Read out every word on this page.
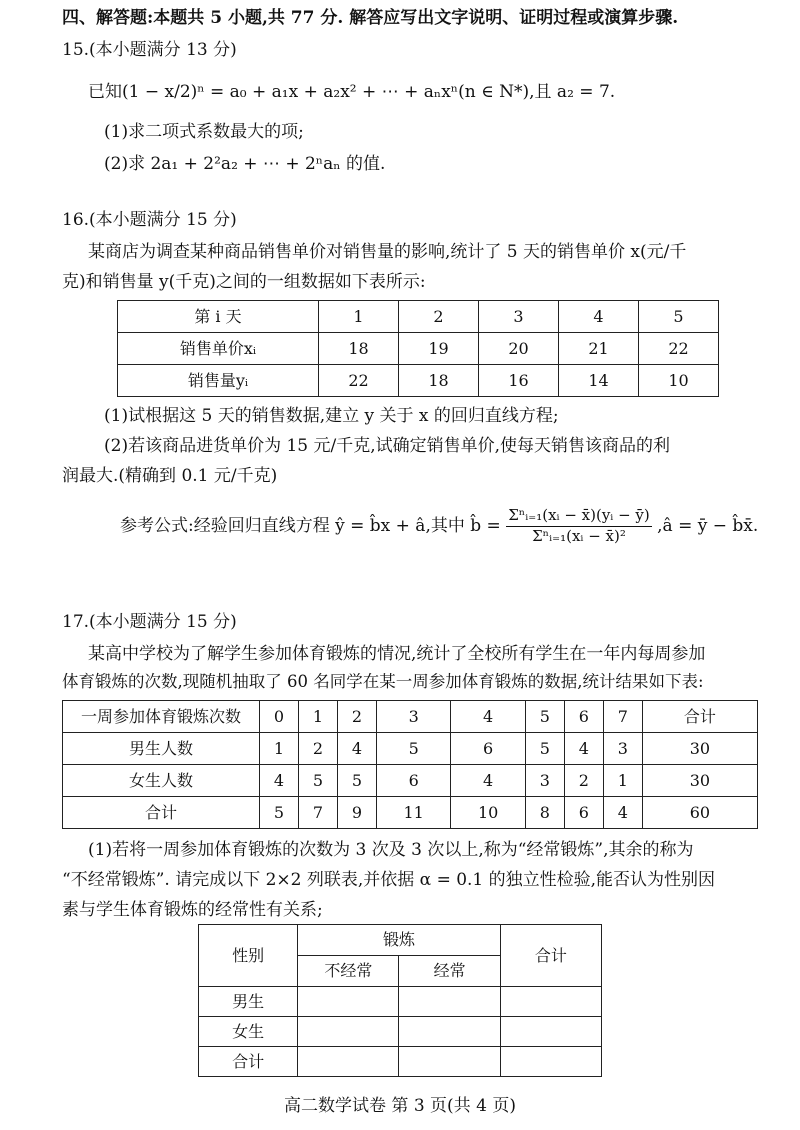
四、解答题:本题共 5 小题,共 77 分. 解答应写出文字说明、证明过程或演算步骤.
15.(本小题满分 13 分)
已知(1 − x/2)ⁿ = a₀ + a₁x + a₂x² + ⋯ + aₙxⁿ(n ∈ N*),且 a₂ = 7.
(1)求二项式系数最大的项;
(2)求 2a₁ + 2²a₂ + ⋯ + 2ⁿaₙ 的值.
16.(本小题满分 15 分)
某商店为调查某种商品销售单价对销售量的影响,统计了 5 天的销售单价 x(元/千
克)和销售量 y(千克)之间的一组数据如下表所示:
第 i 天	1	2	3	4	5
销售单价xᵢ	18	19	20	21	22
销售量yᵢ	22	18	16	14	10
(1)试根据这 5 天的销售数据,建立 y 关于 x 的回归直线方程;
(2)若该商品进货单价为 15 元/千克,试确定销售单价,使每天销售该商品的利
润最大.(精确到 0.1 元/千克)
参考公式:经验回归直线方程 ŷ = b̂x + â,其中 b̂ = $\frac{\text{Σⁿᵢ₌₁(xᵢ − x̄)(yᵢ − ȳ)}}{\text{Σⁿᵢ₌₁(xᵢ − x̄)²}}$ ,â = ȳ − b̂x̄.
17.(本小题满分 15 分)
某高中学校为了解学生参加体育锻炼的情况,统计了全校所有学生在一年内每周参加
体育锻炼的次数,现随机抽取了 60 名同学在某一周参加体育锻炼的数据,统计结果如下表:
一周参加体育锻炼次数	0	1	2	3	4	5	6	7	合计
男生人数	1	2	4	5	6	5	4	3	30
女生人数	4	5	5	6	4	3	2	1	30
合计	5	7	9	11	10	8	6	4	60
(1)若将一周参加体育锻炼的次数为 3 次及 3 次以上,称为“经常锻炼”,其余的称为
“不经常锻炼”. 请完成以下 2×2 列联表,并依据 α = 0.1 的独立性检验,能否认为性别因
素与学生体育锻炼的经常性有关系;
性别	锻炼		合计
	不经常	经常	
男生			
女生			
合计			
高二数学试卷 第 3 页(共 4 页)
